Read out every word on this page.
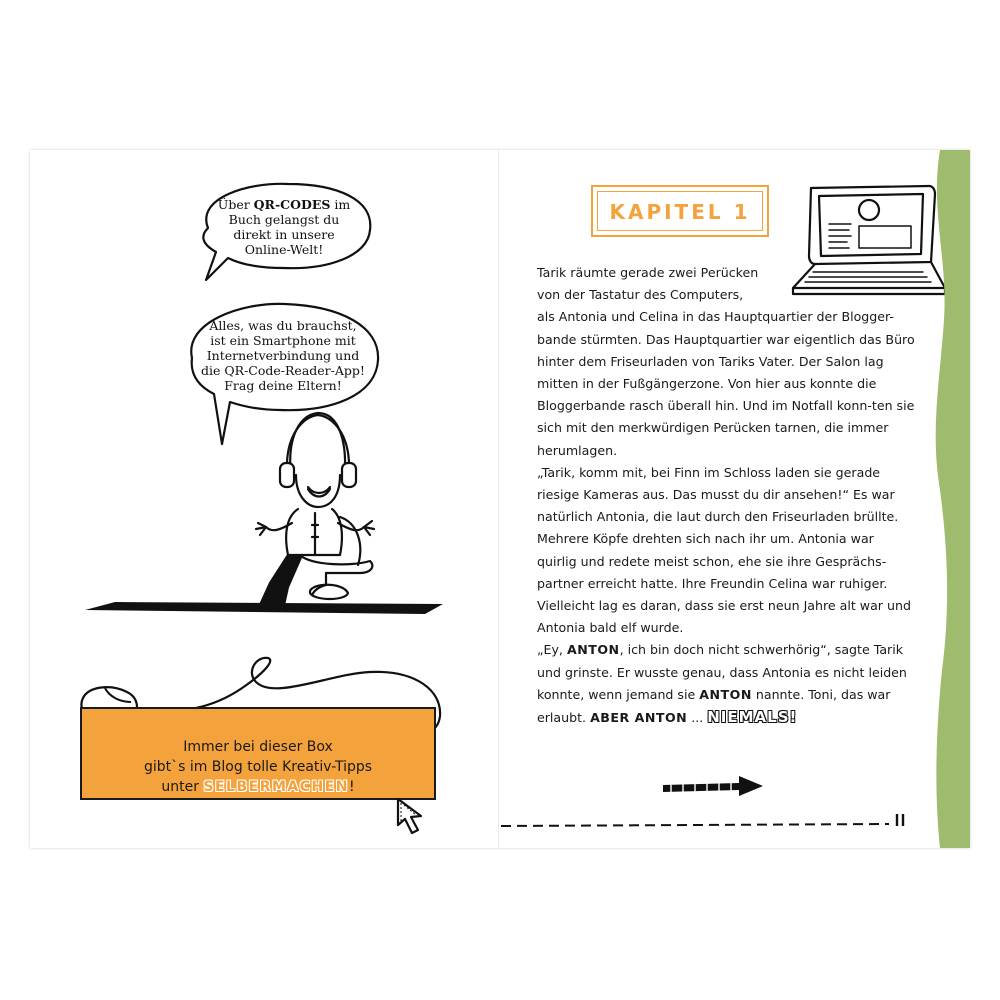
Über QR-CODES im
Buch gelangst du
direkt in unsere
Online-Welt!
Alles, was du brauchst,
ist ein Smartphone mit
Internetverbindung und
die QR-Code-Reader-App!
Frag deine Eltern!
Immer bei dieser Box
gibt`s im Blog tolle Kreativ-Tipps
unter SELBERMACHEN!
KAPITEL 1

Tarik räumte gerade zwei Perücken

von der Tastatur des Computers,

als Antonia und Celina in das Hauptquartier der Blogger-bande stürmten. Das Hauptquartier war eigentlich das Büro hinter dem Friseurladen von Tariks Vater. Der Salon lag mitten in der Fußgängerzone. Von hier aus konnte die Bloggerbande rasch überall hin. Und im Notfall konn-ten sie sich mit den merkwürdigen Perücken tarnen, die immer herumlagen.

„Tarik, komm mit, bei Finn im Schloss laden sie gerade riesige Kameras aus. Das musst du dir ansehen!“ Es war natürlich Antonia, die laut durch den Friseurladen brüllte. Mehrere Köpfe drehten sich nach ihr um. Antonia war quirlig und redete meist schon, ehe sie ihre Gesprächs-partner erreicht hatte. Ihre Freundin Celina war ruhiger. Vielleicht lag es daran, dass sie erst neun Jahre alt war und Antonia bald elf wurde.

„Ey, ANTON, ich bin doch nicht schwerhörig“, sagte Tarik und grinste. Er wusste genau, dass Antonia es nicht leiden konnte, wenn jemand sie ANTON nannte. Toni, das war erlaubt. ABER ANTON ... NIEMALS!
